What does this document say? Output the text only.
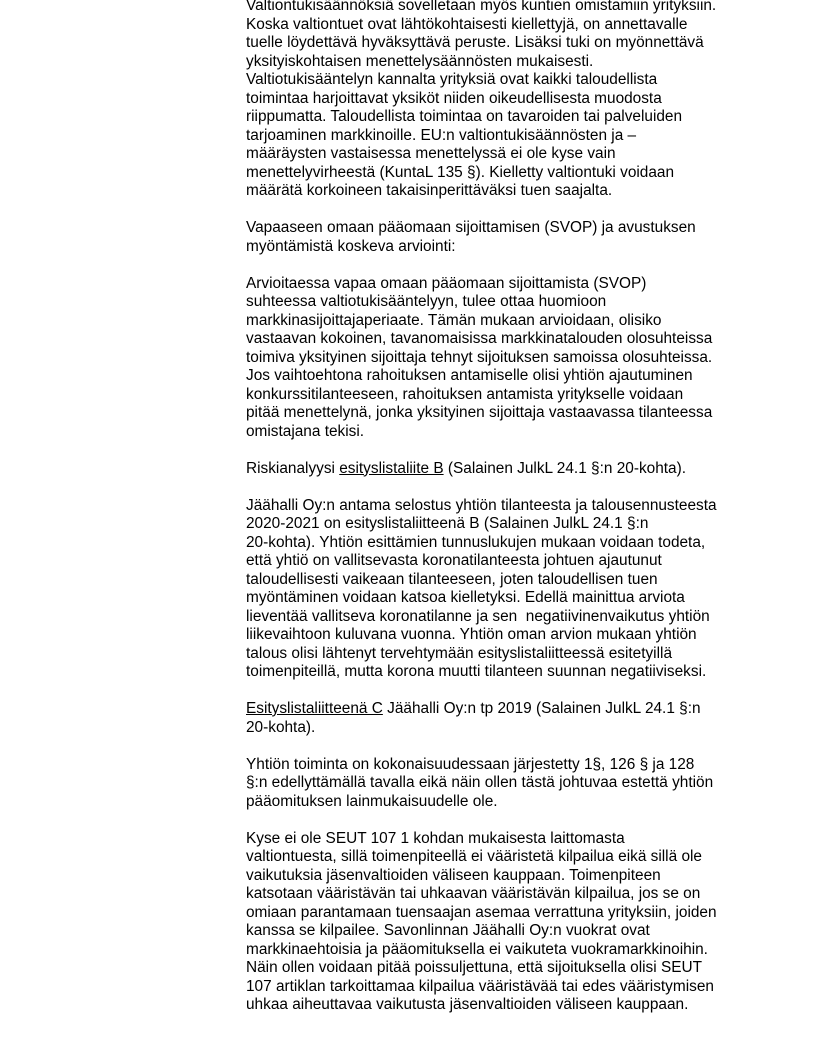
Valtiontukisäännöksiä sovelletaan myös kuntien omistamiin yrityksiin.
Koska valtiontuet ovat lähtökohtaisesti kiellettyjä, on annettavalle
tuelle löydettävä hyväksyttävä peruste. Lisäksi tuki on myönnettävä
yksityiskohtaisen menettelysäännösten mukaisesti.
Valtiotukisääntelyn kannalta yrityksiä ovat kaikki taloudellista
toimintaa harjoittavat yksiköt niiden oikeudellisesta muodosta
riippumatta. Taloudellista toimintaa on tavaroiden tai palveluiden
tarjoaminen markkinoille. EU:n valtiontukisäännösten ja –
määräysten vastaisessa menettelyssä ei ole kyse vain
menettelyvirheestä (KuntaL 135 §). Kielletty valtiontuki voidaan
määrätä korkoineen takaisinperittäväksi tuen saajalta.
Vapaaseen omaan pääomaan sijoittamisen (SVOP) ja avustuksen
myöntämistä koskeva arviointi:
Arvioitaessa vapaa omaan pääomaan sijoittamista (SVOP)
suhteessa valtiotukisääntelyyn, tulee ottaa huomioon
markkinasijoittajaperiaate. Tämän mukaan arvioidaan, olisiko
vastaavan kokoinen, tavanomaisissa markkinatalouden olosuhteissa
toimiva yksityinen sijoittaja tehnyt sijoituksen samoissa olosuhteissa.
Jos vaihtoehtona rahoituksen antamiselle olisi yhtiön ajautuminen
konkurssitilanteeseen, rahoituksen antamista yritykselle voidaan
pitää menettelynä, jonka yksityinen sijoittaja vastaavassa tilanteessa
omistajana tekisi.
Riskianalyysi esityslistaliite B (Salainen JulkL 24.1 §:n 20-kohta).
Jäähalli Oy:n antama selostus yhtiön tilanteesta ja talousennusteesta
2020-2021 on esityslistaliitteenä B (Salainen JulkL 24.1 §:n
20-kohta). Yhtiön esittämien tunnuslukujen mukaan voidaan todeta,
että yhtiö on vallitsevasta koronatilanteesta johtuen ajautunut
taloudellisesti vaikeaan tilanteeseen, joten taloudellisen tuen
myöntäminen voidaan katsoa kielletyksi. Edellä mainittua arviota
lieventää vallitseva koronatilanne ja sen  negatiivinenvaikutus yhtiön
liikevaihtoon kuluvana vuonna. Yhtiön oman arvion mukaan yhtiön
talous olisi lähtenyt tervehtymään esityslistaliitteessä esitetyillä
toimenpiteillä, mutta korona muutti tilanteen suunnan negatiiviseksi.
Esityslistaliitteenä C Jäähalli Oy:n tp 2019 (Salainen JulkL 24.1 §:n
20-kohta).
Yhtiön toiminta on kokonaisuudessaan järjestetty 1§, 126 § ja 128
§:n edellyttämällä tavalla eikä näin ollen tästä johtuvaa estettä yhtiön
pääomituksen lainmukaisuudelle ole.
Kyse ei ole SEUT 107 1 kohdan mukaisesta laittomasta
valtiontuesta, sillä toimenpiteellä ei vääristetä kilpailua eikä sillä ole
vaikutuksia jäsenvaltioiden väliseen kauppaan. Toimenpiteen
katsotaan vääristävän tai uhkaavan vääristävän kilpailua, jos se on
omiaan parantamaan tuensaajan asemaa verrattuna yrityksiin, joiden
kanssa se kilpailee. Savonlinnan Jäähalli Oy:n vuokrat ovat
markkinaehtoisia ja pääomituksella ei vaikuteta vuokramarkkinoihin.
Näin ollen voidaan pitää poissuljettuna, että sijoituksella olisi SEUT
107 artiklan tarkoittamaa kilpailua vääristävää tai edes vääristymisen
uhkaa aiheuttavaa vaikutusta jäsenvaltioiden väliseen kauppaan.
